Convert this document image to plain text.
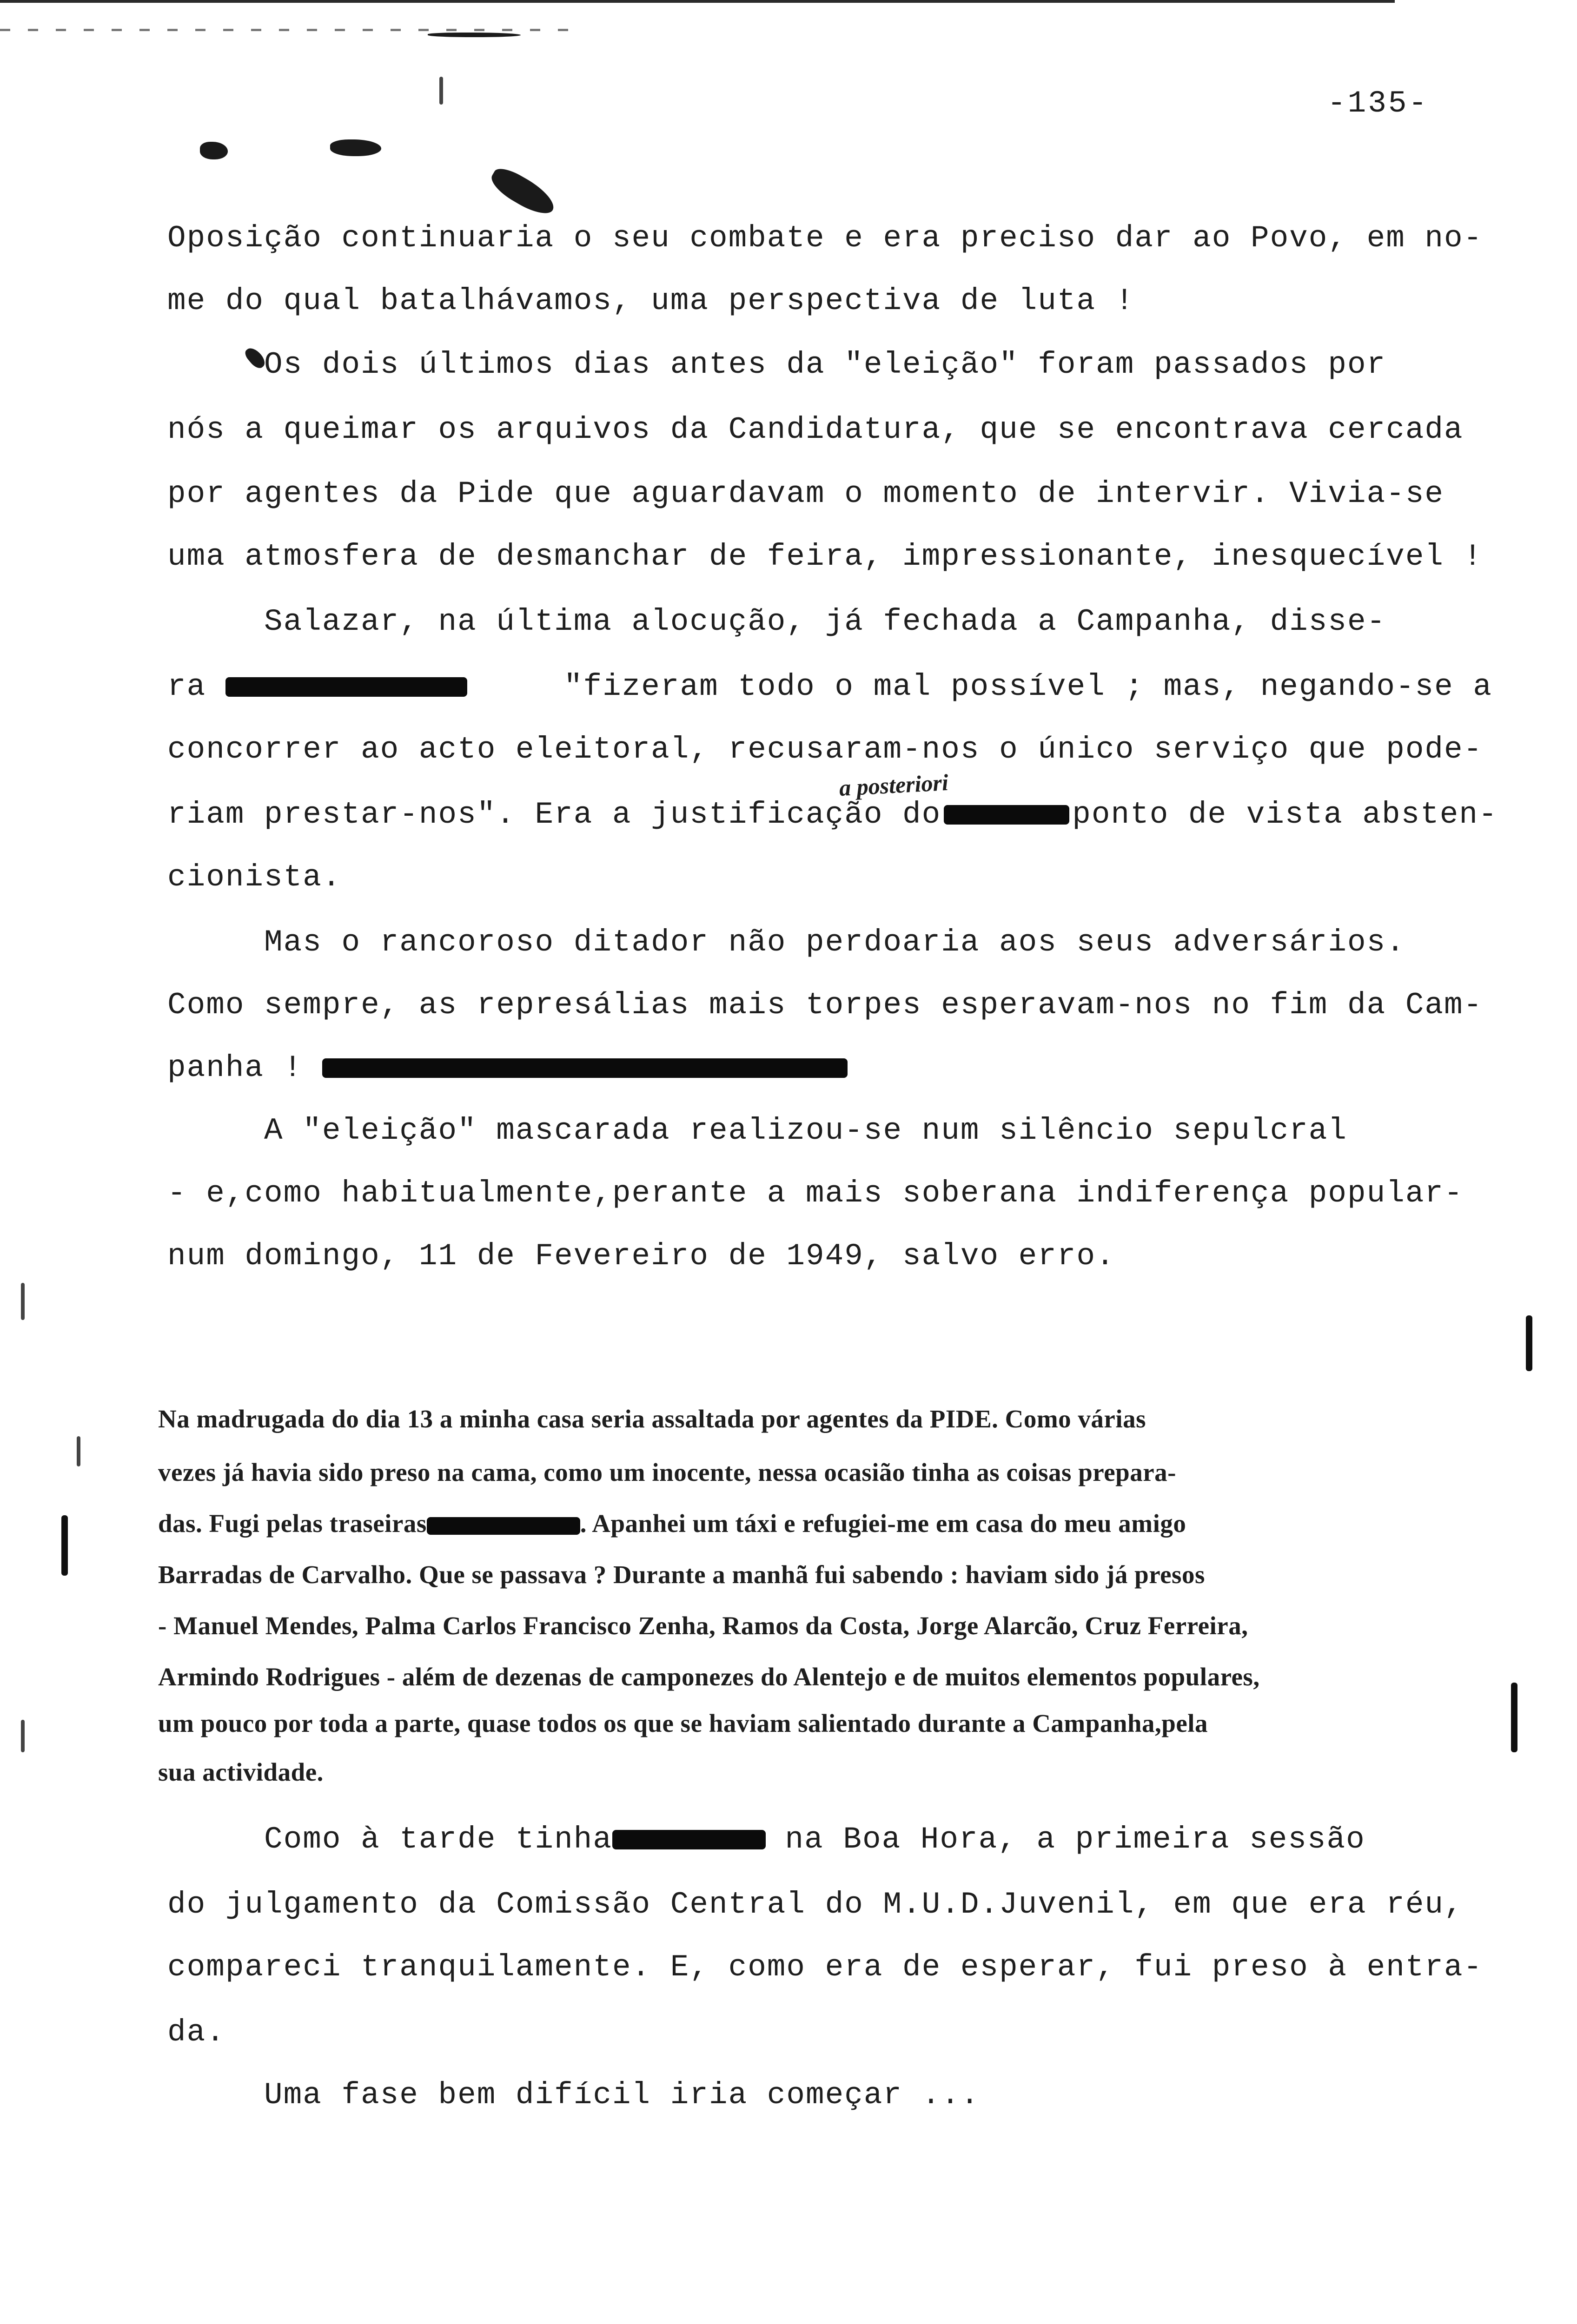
-135-
Oposição continuaria o seu combate e era preciso dar ao Povo, em no-
me do qual batalhávamos, uma perspectiva de luta !
Os dois últimos dias antes da "eleição" foram passados por
nós a queimar os arquivos da Candidatura, que se encontrava cercada
por agentes da Pide que aguardavam o momento de intervir. Vivia-se
uma atmosfera de desmanchar de feira, impressionante, inesquecível !
Salazar, na última alocução, já fechada a Campanha, disse-
ra	"fizeram todo o mal possível ; mas, negando-se a
concorrer ao acto eleitoral, recusaram-nos o único serviço que pode-
a posteriori
riam prestar-nos". Era a justificação do	ponto de vista absten-
cionista.
Mas o rancoroso ditador não perdoaria aos seus adversários.
Como sempre, as represálias mais torpes esperavam-nos no fim da Cam-
panha !
A "eleição" mascarada realizou-se num silêncio sepulcral
- e,como habitualmente,perante a mais soberana indiferença popular-
num domingo, 11 de Fevereiro de 1949, salvo erro.
Na madrugada do dia 13 a minha casa seria assaltada por agentes da PIDE. Como várias
vezes já havia sido preso na cama, como um inocente, nessa ocasião tinha as coisas prepara-
das. Fugi pelas traseiras	. Apanhei um táxi e refugiei-me em casa do meu amigo
Barradas de Carvalho. Que se passava ? Durante a manhã fui sabendo : haviam sido já presos
- Manuel Mendes, Palma Carlos Francisco Zenha, Ramos da Costa, Jorge Alarcão, Cruz Ferreira,
Armindo Rodrigues - além de dezenas de camponezes do Alentejo e de muitos elementos populares,
um pouco por toda a parte, quase todos os que se haviam salientado durante a Campanha,pela
sua actividade.
Como à tarde tinha	na Boa Hora, a primeira sessão
do julgamento da Comissão Central do M.U.D.Juvenil, em que era réu,
compareci tranquilamente. E, como era de esperar, fui preso à entra-
da.
Uma fase bem difícil iria começar ...
